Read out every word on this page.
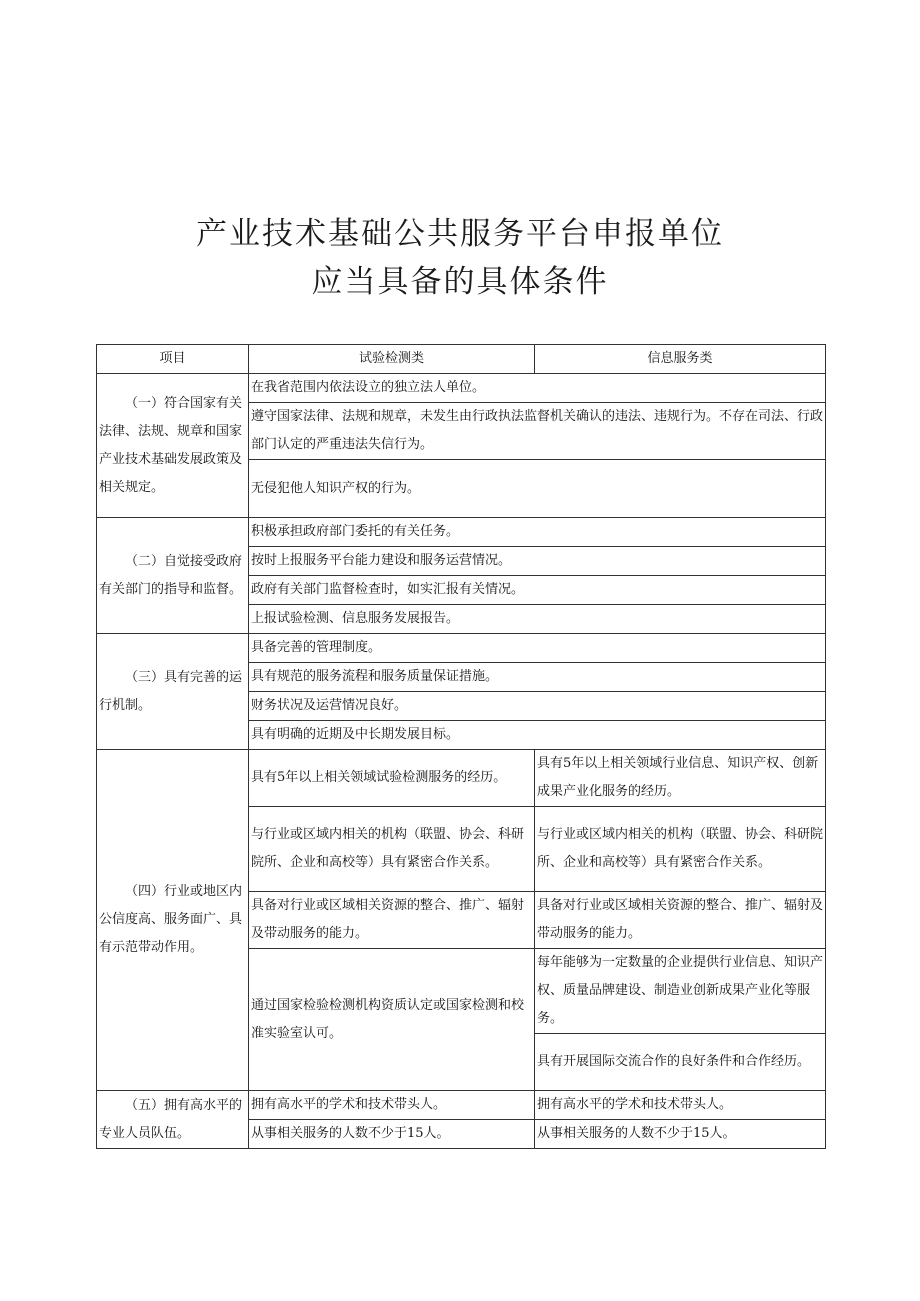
产业技术基础公共服务平台申报单位
应当具备的具体条件
项目	试验检测类	信息服务类

（一）符合国家有关法律、法规、规章和国家产业技术基础发展政策及相关规定。	在我省范围内依法设立的独立法人单位。	
	遵守国家法律、法规和规章，未发生由行政执法监督机关确认的违法、违规行为。不存在司法、行政部门认定的严重违法失信行为。	
	无侵犯他人知识产权的行为。	

（二）自觉接受政府有关部门的指导和监督。	积极承担政府部门委托的有关任务。	
	按时上报服务平台能力建设和服务运营情况。	
	政府有关部门监督检查时，如实汇报有关情况。	
	上报试验检测、信息服务发展报告。	

（三）具有完善的运行机制。	具备完善的管理制度。	
	具有规范的服务流程和服务质量保证措施。	
	财务状况及运营情况良好。	
	具有明确的近期及中长期发展目标。	

（四）行业或地区内公信度高、服务面广、具有示范带动作用。	具有5年以上相关领域试验检测服务的经历。	具有5年以上相关领域行业信息、知识产权、创新成果产业化服务的经历。
	与行业或区域内相关的机构（联盟、协会、科研院所、企业和高校等）具有紧密合作关系。	与行业或区域内相关的机构（联盟、协会、科研院所、企业和高校等）具有紧密合作关系。
	具备对行业或区域相关资源的整合、推广、辐射及带动服务的能力。	具备对行业或区域相关资源的整合、推广、辐射及带动服务的能力。
	通过国家检验检测机构资质认定或国家检测和校准实验室认可。	每年能够为一定数量的企业提供行业信息、知识产权、质量品牌建设、制造业创新成果产业化等服务。
		具有开展国际交流合作的良好条件和合作经历。

（五）拥有高水平的专业人员队伍。	拥有高水平的学术和技术带头人。	拥有高水平的学术和技术带头人。
	从事相关服务的人数不少于15人。	从事相关服务的人数不少于15人。
